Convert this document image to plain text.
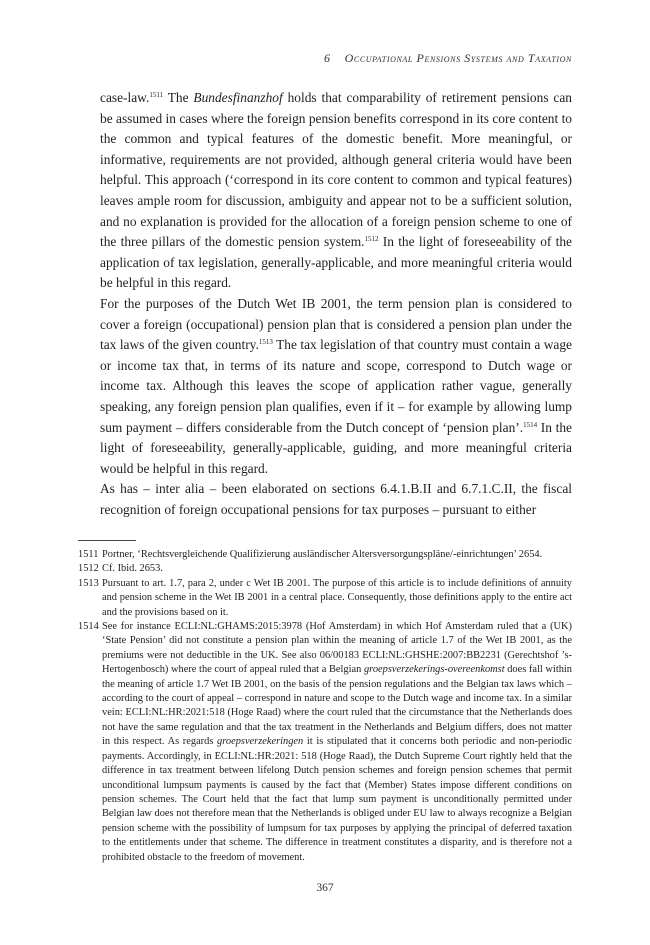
6 Occupational Pensions Systems and Taxation

case-law.$^{1511}$ The Bundesfinanzhof holds that comparability of retirement pensions can be assumed in cases where the foreign pension benefits correspond in its core content to the common and typical features of the domestic benefit. More meaningful, or informative, requirements are not provided, although general criteria would have been helpful. This approach (‘correspond in its core content to common and typical features) leaves ample room for discussion, ambiguity and appear not to be a sufficient solution, and no explanation is provided for the allocation of a foreign pension scheme to one of the three pillars of the domestic pension system.$^{1512}$ In the light of foreseeability of the application of tax legislation, generally-applicable, and more meaningful criteria would be helpful in this regard.

For the purposes of the Dutch Wet IB 2001, the term pension plan is considered to cover a foreign (occupational) pension plan that is considered a pension plan under the tax laws of the given country.$^{1513}$ The tax legislation of that country must contain a wage or income tax that, in terms of its nature and scope, correspond to Dutch wage or income tax. Although this leaves the scope of application rather vague, generally speaking, any foreign pension plan qualifies, even if it – for example by allowing lump sum payment – differs considerable from the Dutch concept of ‘pension plan’.$^{1514}$ In the light of foreseeability, generally-applicable, guiding, and more meaningful criteria would be helpful in this regard.

As has – inter alia – been elaborated on sections 6.4.1.B.II and 6.7.1.C.II, the fiscal recognition of foreign occupational pensions for tax purposes – pursuant to either

1511 Portner, ‘Rechtsvergleichende Qualifizierung ausländischer Altersversorgungspläne/-einrichtungen’ 2654.

1512 Cf. Ibid. 2653.

1513 Pursuant to art. 1.7, para 2, under c Wet IB 2001. The purpose of this article is to include definitions of annuity and pension scheme in the Wet IB 2001 in a central place. Consequently, those definitions apply to the entire act and the provisions based on it.

1514 See for instance ECLI:NL:GHAMS:2015:3978 (Hof Amsterdam) in which Hof Amsterdam ruled that a (UK) ‘State Pension’ did not constitute a pension plan within the meaning of article 1.7 of the Wet IB 2001, as the premiums were not deductible in the UK. See also 06/00183 ECLI:NL:GHSHE:2007:BB2231 (Gerechtshof ’s-Hertogenbosch) where the court of appeal ruled that a Belgian groepsverzekerings-overeenkomst does fall within the meaning of article 1.7 Wet IB 2001, on the basis of the pension regulations and the Belgian tax laws which – according to the court of appeal – correspond in nature and scope to the Dutch wage and income tax. In a similar vein: ECLI:NL:HR:2021:518 (Hoge Raad) where the court ruled that the circumstance that the Netherlands does not have the same regulation and that the tax treatment in the Netherlands and Belgium differs, does not matter in this respect. As regards groepsverzekeringen it is stipulated that it concerns both periodic and non-periodic payments. Accordingly, in ECLI:NL:HR:2021: 518 (Hoge Raad), the Dutch Supreme Court rightly held that the difference in tax treatment between lifelong Dutch pension schemes and foreign pension schemes that permit unconditional lumpsum payments is caused by the fact that (Member) States impose different conditions on pension schemes. The Court held that the fact that lump sum payment is unconditionally permitted under Belgian law does not therefore mean that the Netherlands is obliged under EU law to always recognize a Belgian pension scheme with the possibility of lumpsum for tax purposes by applying the principal of deferred taxation to the entitlements under that scheme. The difference in treatment constitutes a disparity, and is therefore not a prohibited obstacle to the freedom of movement.

367
